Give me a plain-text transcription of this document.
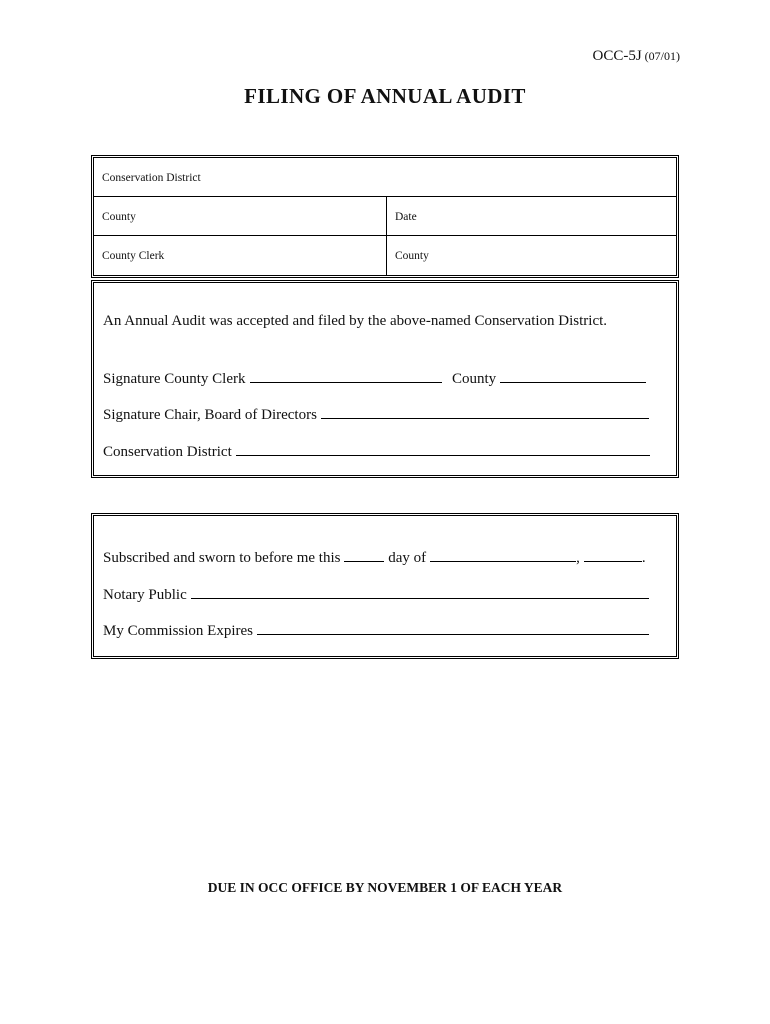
OCC-5J (07/01)
FILING OF ANNUAL AUDIT
Conservation District
County	Date
County Clerk	County
An Annual Audit was accepted and filed by the above-named Conservation District.
Signature County Clerk	County
Signature Chair, Board of Directors
Conservation District
Subscribed and sworn to before me this	day of	,	.
Notary Public
My Commission Expires
DUE IN OCC OFFICE BY NOVEMBER 1 OF EACH YEAR
